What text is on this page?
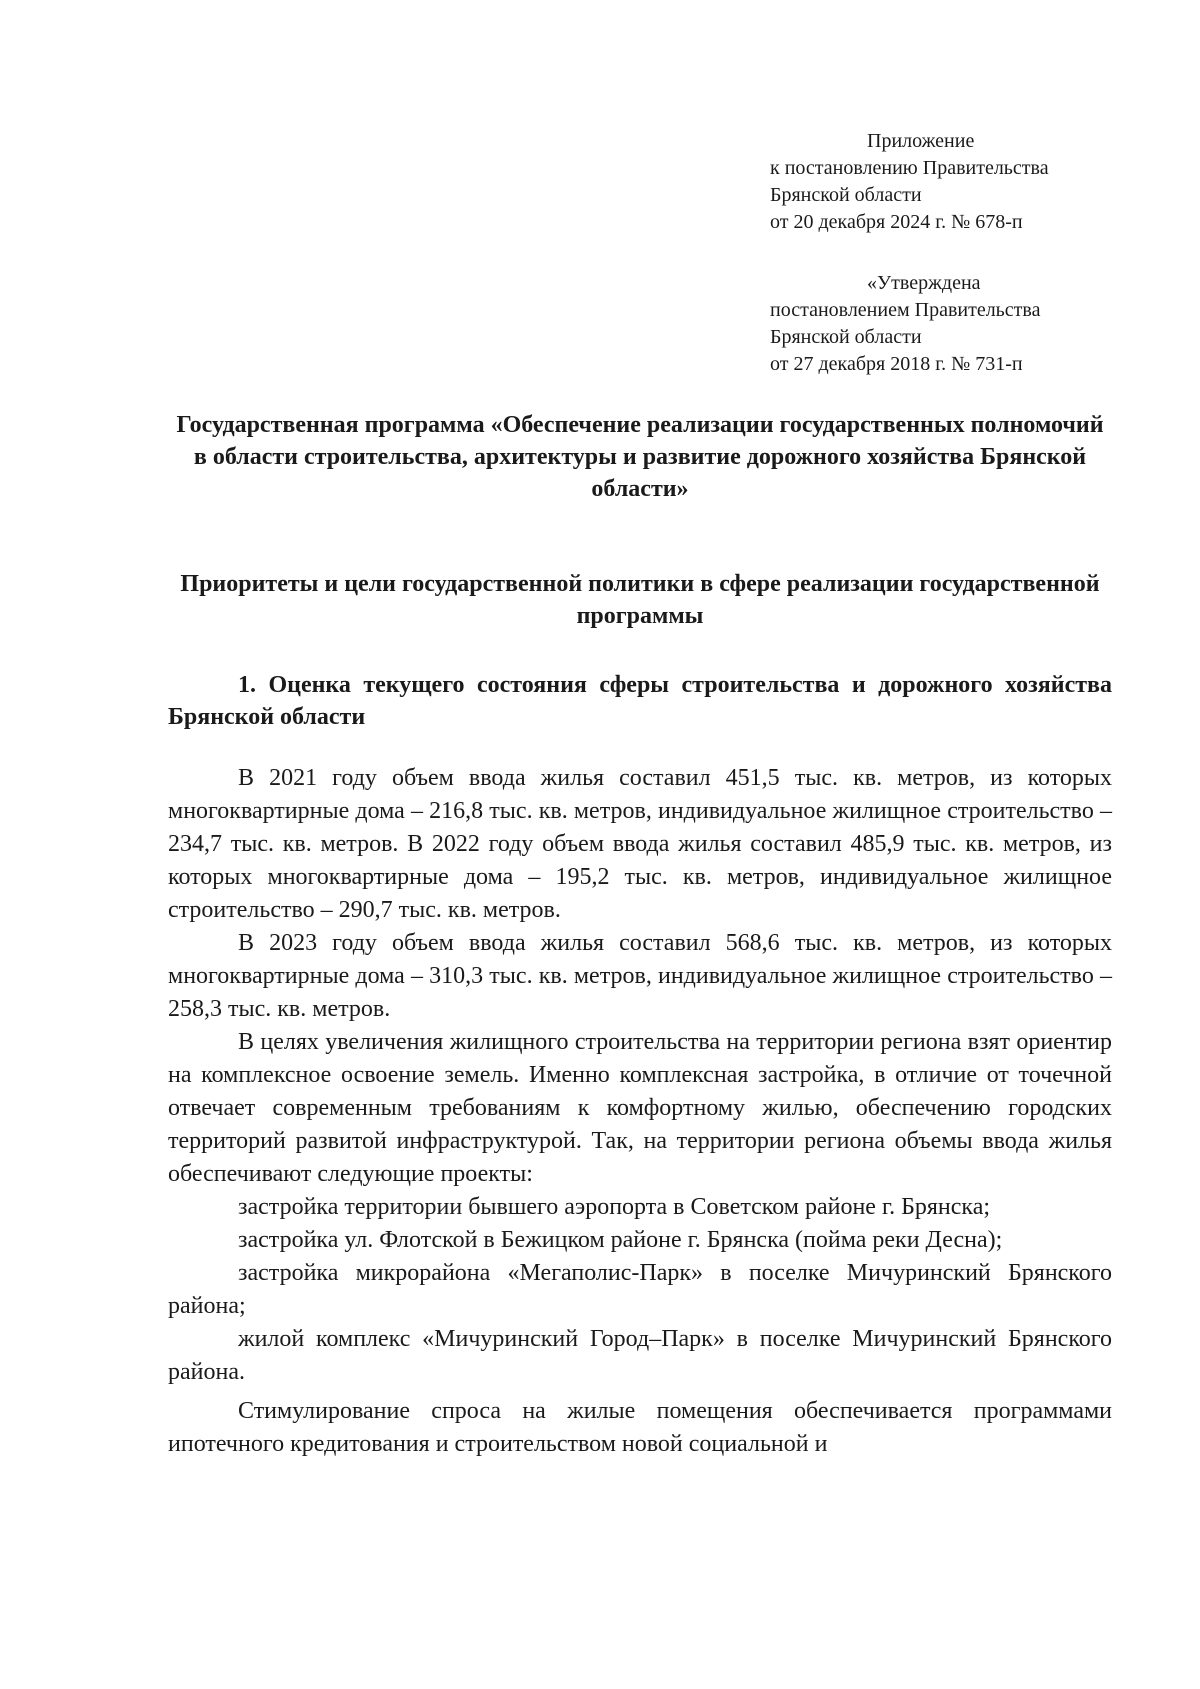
Приложение
к постановлению Правительства
Брянской области
от 20 декабря 2024 г. № 678-п
«Утверждена
постановлением Правительства
Брянской области
от 27 декабря 2018 г. № 731-п
Государственная программа «Обеспечение реализации государственных полномочий в области строительства, архитектуры и развитие дорожного хозяйства Брянской области»
Приоритеты и цели государственной политики в сфере реализации государственной программы
1. Оценка текущего состояния сферы строительства и дорожного хозяйства Брянской области

В 2021 году объем ввода жилья составил 451,5 тыс. кв. метров, из которых многоквартирные дома – 216,8 тыс. кв. метров, индивидуальное жилищное строительство – 234,7 тыс. кв. метров. В 2022 году объем ввода жилья составил 485,9 тыс. кв. метров, из которых многоквартирные дома – 195,2 тыс. кв. метров, индивидуальное жилищное строительство – 290,7 тыс. кв. метров.

В 2023 году объем ввода жилья составил 568,6 тыс. кв. метров, из которых многоквартирные дома – 310,3 тыс. кв. метров, индивидуальное жилищное строительство – 258,3 тыс. кв. метров.

В целях увеличения жилищного строительства на территории региона взят ориентир на комплексное освоение земель. Именно комплексная застройка, в отличие от точечной отвечает современным требованиям к комфортному жилью, обеспечению городских территорий развитой инфраструктурой. Так, на территории региона объемы ввода жилья обеспечивают следующие проекты:

застройка территории бывшего аэропорта в Советском районе г. Брянска;

застройка ул. Флотской в Бежицком районе г. Брянска (пойма реки Десна);

застройка микрорайона «Мегаполис-Парк» в поселке Мичуринский Брянского района;

жилой комплекс «Мичуринский Город–Парк» в поселке Мичуринский Брянского района.

Стимулирование спроса на жилые помещения обеспечивается программами ипотечного кредитования и строительством новой социальной и
